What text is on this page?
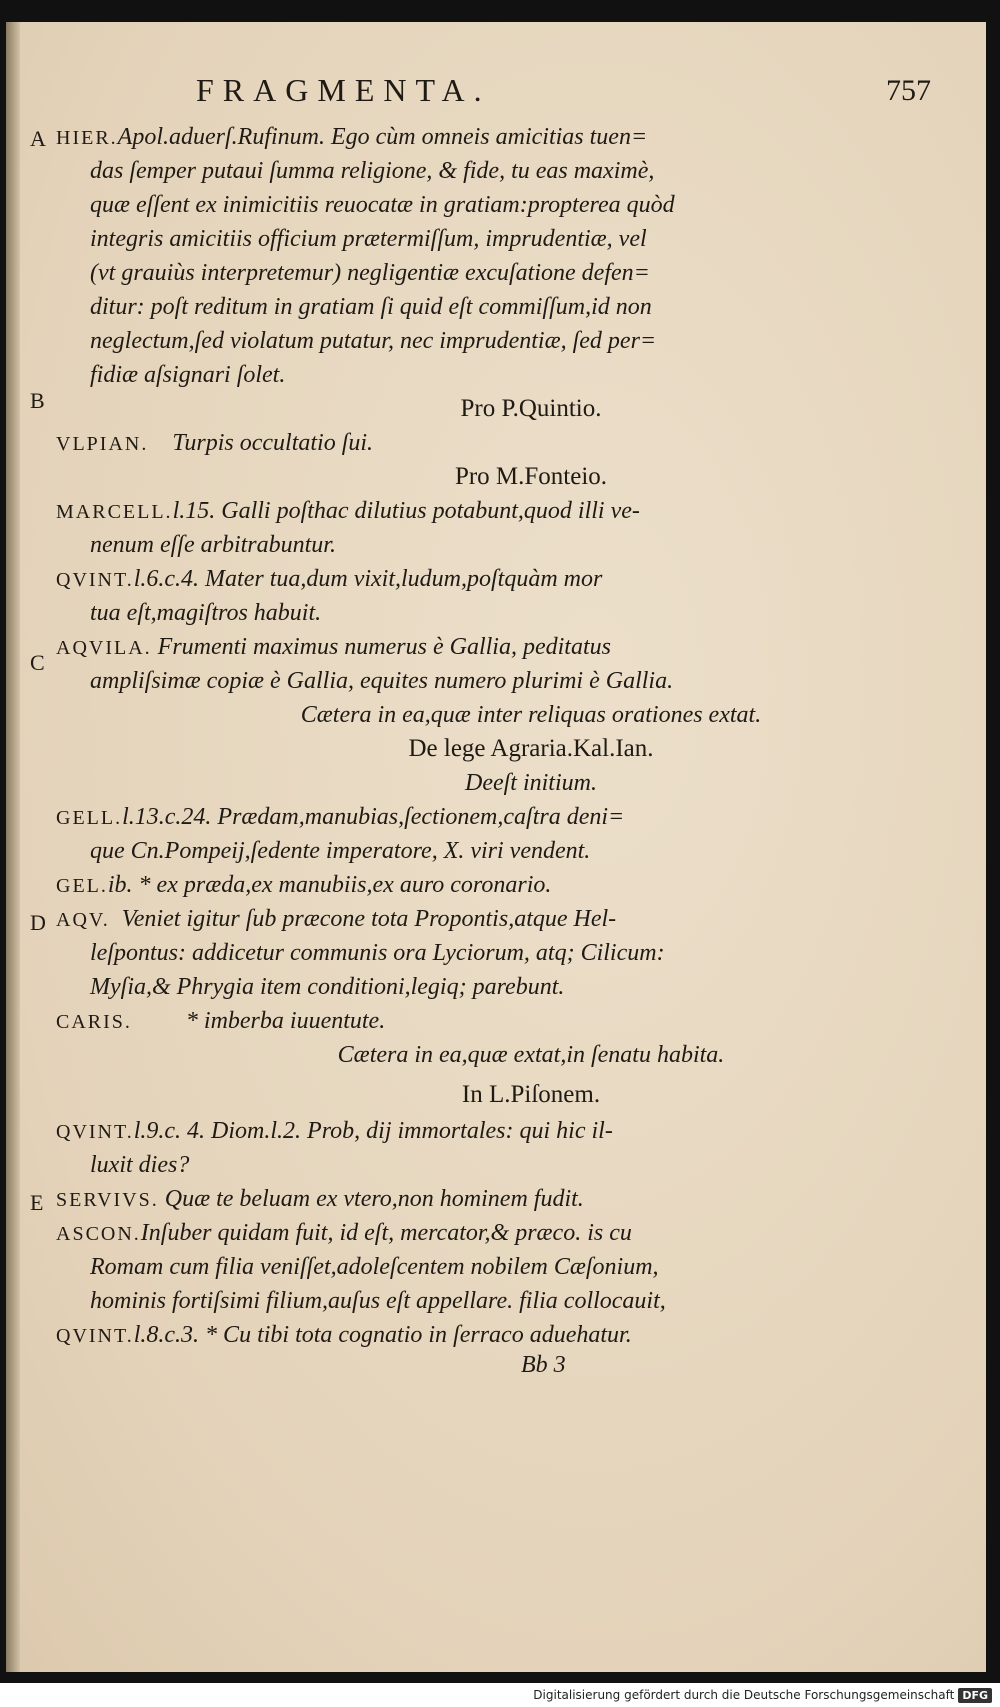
FRAGMENTA.	757
A
B
C
D
E
HIER.Apol.aduerſ.Rufinum. Ego cùm omneis amicitias tuen=
das ſemper putaui ſumma religione, & fide, tu eas maximè,
quæ eſſent ex inimicitiis reuocatæ in gratiam:propterea quòd
integris amicitiis officium prætermiſſum, imprudentiæ, vel
(vt grauiùs interpretemur) negligentiæ excuſatione defen=
ditur: poſt reditum in gratiam ſi quid eſt commiſſum,id non
neglectum,ſed violatum putatur, nec imprudentiæ, ſed per=
fidiæ aſsignari ſolet.
Pro P.Quintio.
VLPIAN. Turpis occultatio ſui.
Pro M.Fonteio.
MARCELL.l.15. Galli poſthac dilutius potabunt,quod illi ve-
nenum eſſe arbitrabuntur.
QVINT.l.6.c.4. Mater tua,dum vixit,ludum,poſtquàm mor
tua eſt,magiſtros habuit.
AQVILA. Frumenti maximus numerus è Gallia, peditatus
ampliſsimæ copiæ è Gallia, equites numero plurimi è Gallia.
Cætera in ea,quæ inter reliquas orationes extat.
De lege Agraria.Kal.Ian.
Deeſt initium.
GELL.l.13.c.24. Prædam,manubias,ſectionem,caſtra deni=
que Cn.Pompeij,ſedente imperatore, X. viri vendent.
GEL.ib. * ex præda,ex manubiis,ex auro coronario.
AQV. Veniet igitur ſub præcone tota Propontis,atque Hel-
leſpontus: addicetur communis ora Lyciorum, atq; Cilicum:
Myſia,& Phrygia item conditioni,legiq; parebunt.
CARIS. * imberba iuuentute.
Cætera in ea,quæ extat,in ſenatu habita.
In L.Piſonem.
QVINT.l.9.c. 4. Diom.l.2. Prob, dij immortales: qui hic il-
luxit dies?
SERVIVS. Quæ te beluam ex vtero,non hominem fudit.
ASCON.Inſuber quidam fuit, id eſt, mercator,& præco. is cu
Romam cum filia veniſſet,adoleſcentem nobilem Cæſonium,
hominis fortiſsimi filium,auſus eſt appellare. filia collocauit,
QVINT.l.8.c.3. * Cu tibi tota cognatio in ſerraco aduehatur.
Bb 3
Digitalisierung gefördert durch die Deutsche Forschungsgemeinschaft DFG
